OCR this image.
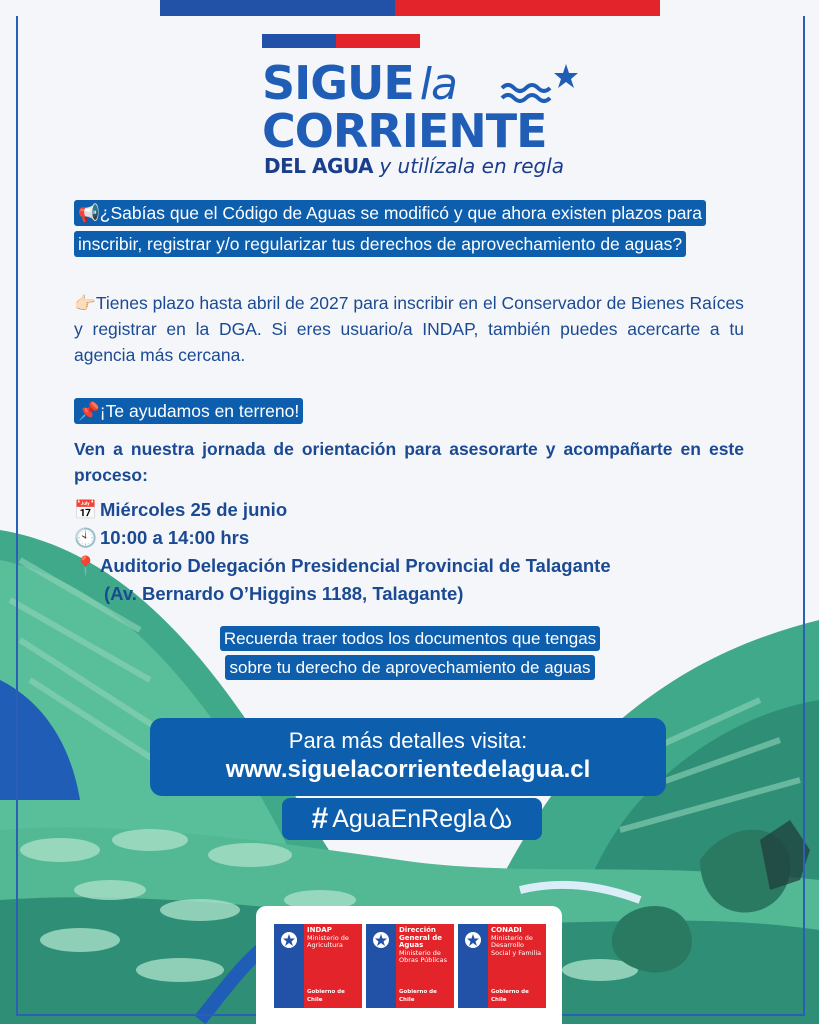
SIGUE la
CORRIENTE
DEL AGUA y utilízala en regla
📢¿Sabías que el Código de Aguas se modificó y que ahora existen plazos para inscribir, registrar y/o regularizar tus derechos de aprovechamiento de aguas?
👉🏻Tienes plazo hasta abril de 2027 para inscribir en el Conservador de Bienes Raíces y registrar en la DGA. Si eres usuario/a INDAP, también puedes acercarte a tu agencia más cercana.
📌¡Te ayudamos en terreno!
Ven a nuestra jornada de orientación para asesorarte y acompañarte en este proceso:
📅 Miércoles 25 de junio
🕙 10:00 a 14:00 hrs
📍 Auditorio Delegación Presidencial Provincial de Talagante
(Av. Bernardo O’Higgins 1188, Talagante)
Recuerda traer todos los documentos que tengas
sobre tu derecho de aprovechamiento de aguas
Para más detalles visita:
www.siguelacorrientedelagua.cl
# AguaEnRegla
INDAP
Ministerio de Agricultura
Gobierno de Chile
Dirección General de Aguas
Ministerio de Obras Públicas
Gobierno de Chile
CONADI
Ministerio de Desarrollo Social y Familia
Gobierno de Chile
